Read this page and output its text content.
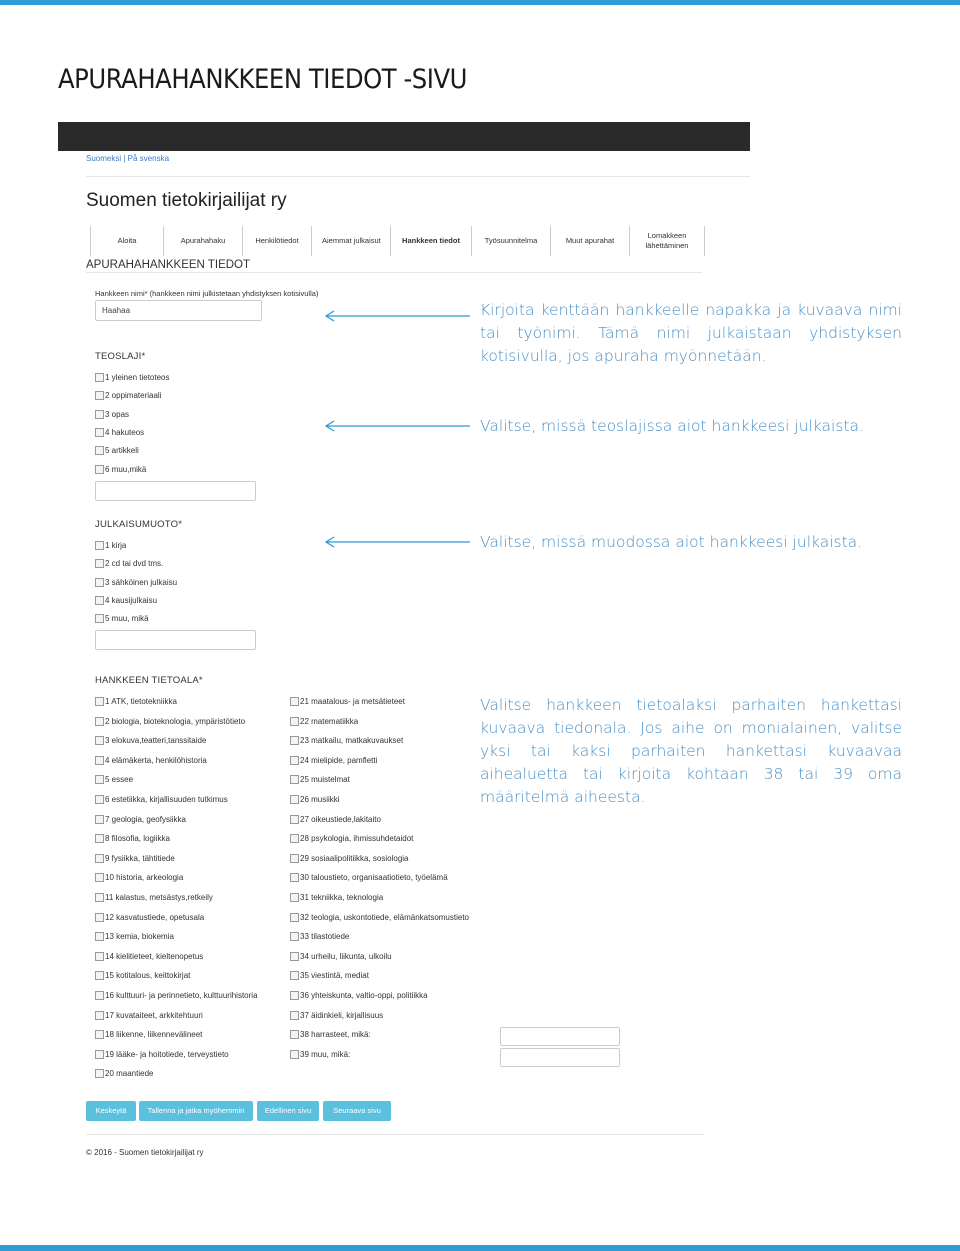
APURAHAHANKKEEN TIEDOT -SIVU
Suomeksi | På svenska
Suomen tietokirjailijat ry
Aloita	Apurahahaku	Henkilötiedot	Aiemmat julkaisut	Hankkeen tiedot	Työsuunnitelma	Muut apurahat
Lomakkeen lähettäminen
APURAHAHANKKEEN TIEDOT
Hankkeen nimi* (hankkeen nimi julkistetaan yhdistyksen kotisivulla)
Haahaa
TEOSLAJI*
1 yleinen tietoteos
2 oppimateriaali
3 opas
4 hakuteos
5 artikkeli
6 muu,mikä
JULKAISUMUOTO*
1 kirja
2 cd tai dvd tms.
3 sähköinen julkaisu
4 kausijulkaisu
5 muu, mikä
HANKKEEN TIETOALA*
1 ATK, tietotekniikka
2 biologia, bioteknologia, ympäristötieto
3 elokuva,teatteri,tanssitaide
4 elämäkerta, henkilöhistoria
5 essee
6 estetiikka, kirjallisuuden tutkimus
7 geologia, geofysiikka
8 filosofia, logiikka
9 fysiikka, tähtitiede
10 historia, arkeologia
11 kalastus, metsästys,retkeily
12 kasvatustiede, opetusala
13 kemia, biokemia
14 kielitieteet, kieltenopetus
15 kotitalous, keittokirjat
16 kulttuuri- ja perinnetieto, kulttuurihistoria
17 kuvataiteet, arkkitehtuuri
18 liikenne, liikennevälineet
19 lääke- ja hoitotiede, terveystieto
20 maantiede
21 maatalous- ja metsätieteet
22 matematiikka
23 matkailu, matkakuvaukset
24 mielipide, pamfletti
25 muistelmat
26 musiikki
27 oikeustiede,lakitaito
28 psykologia, ihmissuhdetaidot
29 sosiaalipolitiikka, sosiologia
30 taloustieto, organisaatiotieto, työelämä
31 tekniikka, teknologia
32 teologia, uskontotiede, elämänkatsomustieto
33 tilastotiede
34 urheilu, liikunta, ulkoilu
35 viestintä, mediat
36 yhteiskunta, valtio-oppi, politiikka
37 äidinkieli, kirjallisuus
38 harrasteet, mikä:
39 muu, mikä:
Keskeytä	Tallenna ja jatka myöhemmin	Edellinen sivu	Seuraava sivu
© 2016 - Suomen tietokirjailijat ry
Kirjoita kenttään hankkeelle napakka ja kuvaava nimi tai työnimi. Tämä nimi julkaistaan yhdistyksen kotisivulla, jos apuraha myönnetään.
Valitse, missä teoslajissa aiot hankkeesi julkaista.
Valitse, missä muodossa aiot hankkeesi julkaista.
Valitse hankkeen tietoalaksi parhaiten hankettasi kuvaava tiedonala. Jos aihe on monialainen, valitse yksi tai kaksi parhaiten hankettasi kuvaavaa aihealuetta tai kirjoita kohtaan 38 tai 39 oma määritelmä aiheesta.
